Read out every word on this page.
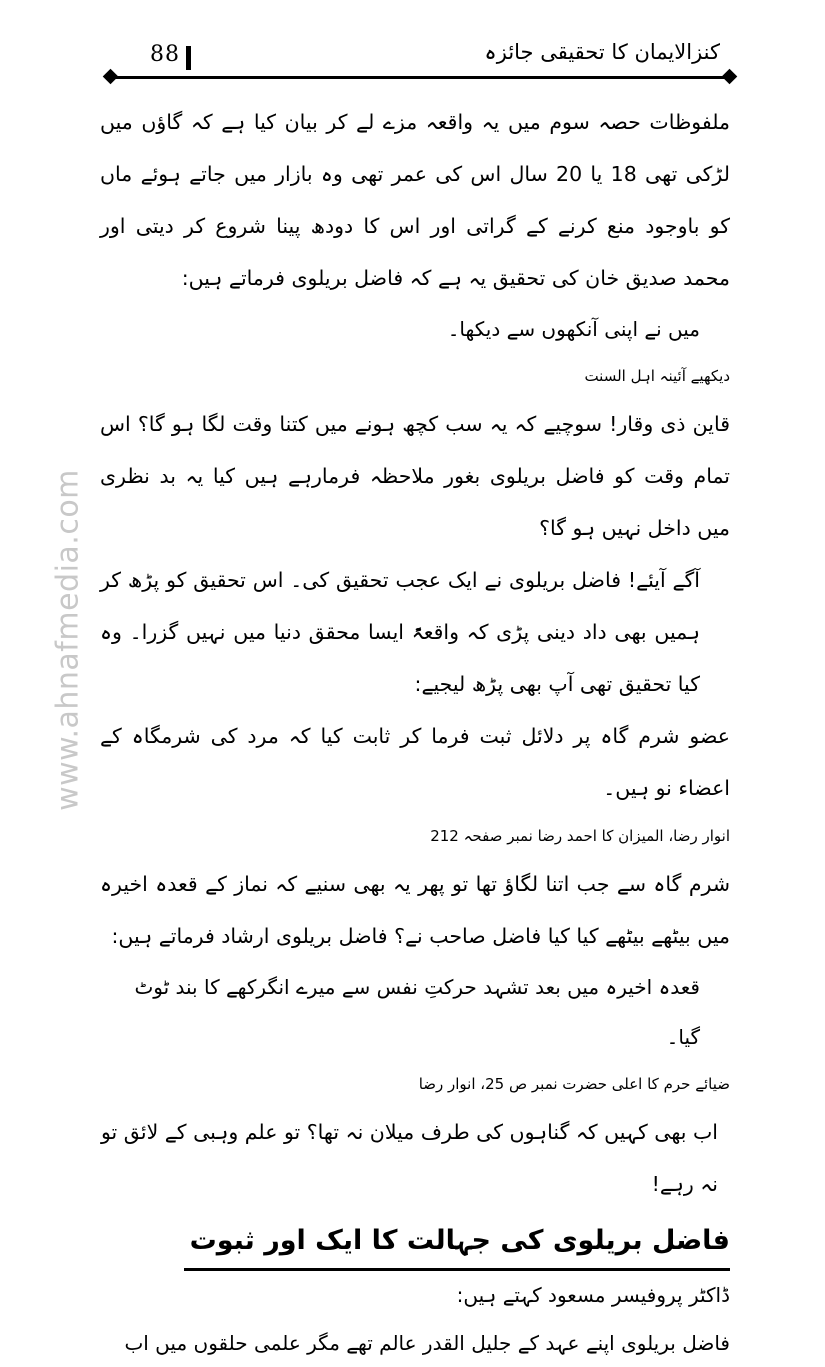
88	کنزالایمان کا تحقیقی جائزہ
www.ahnafmedia.com

ملفوظات حصہ سوم میں یہ واقعہ مزے لے کر بیان کیا ہے کہ گاؤں میں لڑکی تھی 18 یا 20 سال اس کی عمر تھی وہ بازار میں جاتے ہوئے ماں کو باوجود منع کرنے کے گراتی اور اس کا دودھ پینا شروع کر دیتی اور محمد صدیق خان کی تحقیق یہ ہے کہ فاضل بریلوی فرماتے ہیں:

میں نے اپنی آنکھوں سے دیکھا۔

دیکھیے آئینہ اہل السنت

قاین ذی وقار! سوچیے کہ یہ سب کچھ ہونے میں کتنا وقت لگا ہو گا؟ اس تمام وقت کو فاضل بریلوی بغور ملاحظہ فرمارہے ہیں کیا یہ بد نظری میں داخل نہیں ہو گا؟

آگے آیئے! فاضل بریلوی نے ایک عجب تحقیق کی۔ اس تحقیق کو پڑھ کر ہمیں بھی داد دینی پڑی کہ واقعۃً ایسا محقق دنیا میں نہیں گزرا۔ وہ کیا تحقیق تھی آپ بھی پڑھ لیجیے:

عضو شرم گاہ پر دلائل ثبت فرما کر ثابت کیا کہ مرد کی شرمگاہ کے اعضاء نو ہیں۔

انوار رضا، المیزان کا احمد رضا نمبر صفحہ 212

شرم گاہ سے جب اتنا لگاؤ تھا تو پھر یہ بھی سنیے کہ نماز کے قعدہ اخیرہ میں بیٹھے بیٹھے کیا کیا فاضل صاحب نے؟ فاضل بریلوی ارشاد فرماتے ہیں:

قعدہ اخیرہ میں بعد تشہد حرکتِ نفس سے میرے انگرکھے کا بند ٹوٹ گیا۔

ضیائے حرم کا اعلی حضرت نمبر ص 25، انوار رضا

اب بھی کہیں کہ گناہوں کی طرف میلان نہ تھا؟ تو علم وہبی کے لائق تو نہ رہے!

فاضل بریلوی کی جہالت کا ایک اور ثبوت

ڈاکٹر پروفیسر مسعود کہتے ہیں:

فاضل بریلوی اپنے عہد کے جلیل القدر عالم تھے مگر علمی حلقوں میں اب
